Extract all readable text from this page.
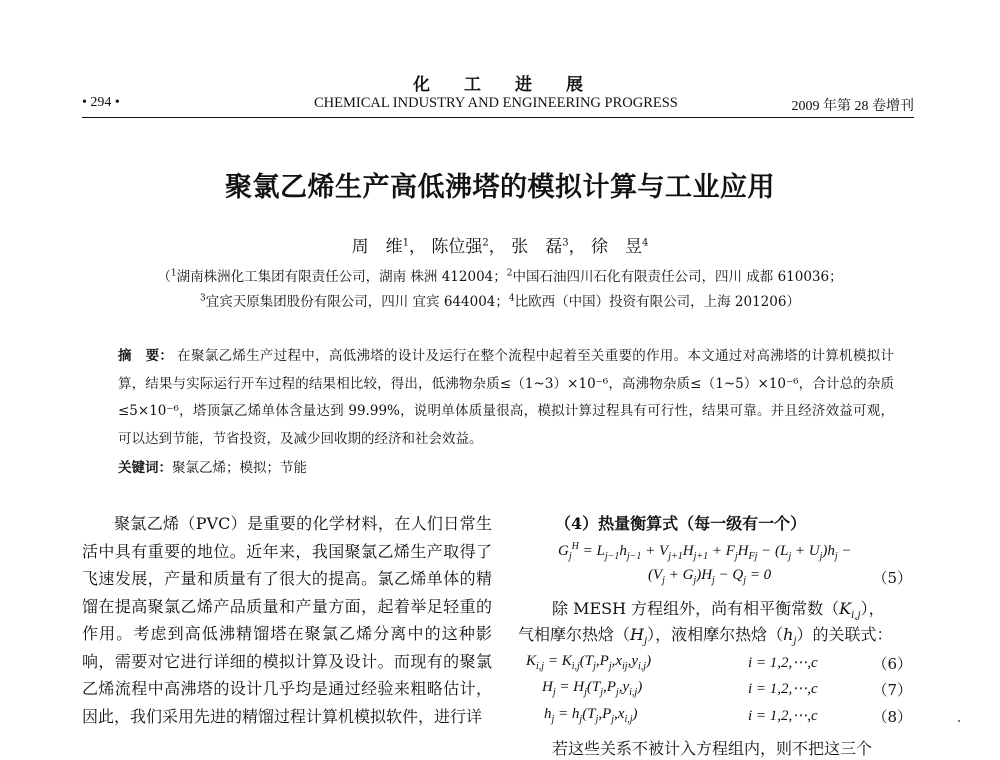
化工进展
• 294 •	CHEMICAL INDUSTRY AND ENGINEERING PROGRESS	2009 年第 28 卷增刊
聚氯乙烯生产高低沸塔的模拟计算与工业应用
周　维$^1$， 陈位强$^2$， 张　磊$^3$， 徐　昱$^4$
（$^1$湖南株洲化工集团有限责任公司，湖南 株洲 412004；$^2$中国石油四川石化有限责任公司，四川 成都 610036；
$^3$宜宾天原集团股份有限公司，四川 宜宾 644004；$^4$比欧西（中国）投资有限公司，上海 201206）
摘　要： 在聚氯乙烯生产过程中，高低沸塔的设计及运行在整个流程中起着至关重要的作用。本文通过对高沸塔的计算机模拟计算，结果与实际运行开车过程的结果相比较，得出，低沸物杂质≤（1~3）×10⁻⁶，高沸物杂质≤（1~5）×10⁻⁶，合计总的杂质≤5×10⁻⁶，塔顶氯乙烯单体含量达到 99.99%，说明单体质量很高，模拟计算过程具有可行性，结果可靠。并且经济效益可观，可以达到节能，节省投资，及减少回收期的经济和社会效益。
关键词：聚氯乙烯；模拟；节能

聚氯乙烯（PVC）是重要的化学材料，在人们日常生活中具有重要的地位。近年来，我国聚氯乙烯生产取得了飞速发展，产量和质量有了很大的提高。氯乙烯单体的精馏在提高聚氯乙烯产品质量和产量方面，起着举足轻重的作用。考虑到高低沸精馏塔在聚氯乙烯分离中的这种影响，需要对它进行详细的模拟计算及设计。而现有的聚氯乙烯流程中高沸塔的设计几乎均是通过经验来粗略估计，因此，我们采用先进的精馏过程计算机模拟软件，进行详

（4）热量衡算式（每一级有一个）
$G_j^H = L_{j-1}h_{j-1} + V_{j+1}H_{j+1} + F_jH_{Fj} - (L_j + U_j)h_j$ −
$(V_j + G_j)H_j - Q_j = 0$	（5）
除 MESH 方程组外，尚有相平衡常数$(K_{i,j})$，
气相摩尔热焓$(H_j)$，液相摩尔热焓$(h_j)$的关联式：
$K_{i,j} = K_{i,j}(T_j,P_j,x_{ij},y_{i,j})$	i = 1,2,⋯,c	（6）
$H_j = H_j(T_j,P_j,y_{i,j})$	i = 1,2,⋯,c	（7）
$h_j = h_j(T_j,P_j,x_{i,j})$	i = 1,2,⋯,c	（8）
若这些关系不被计入方程组内，则不把这三个
